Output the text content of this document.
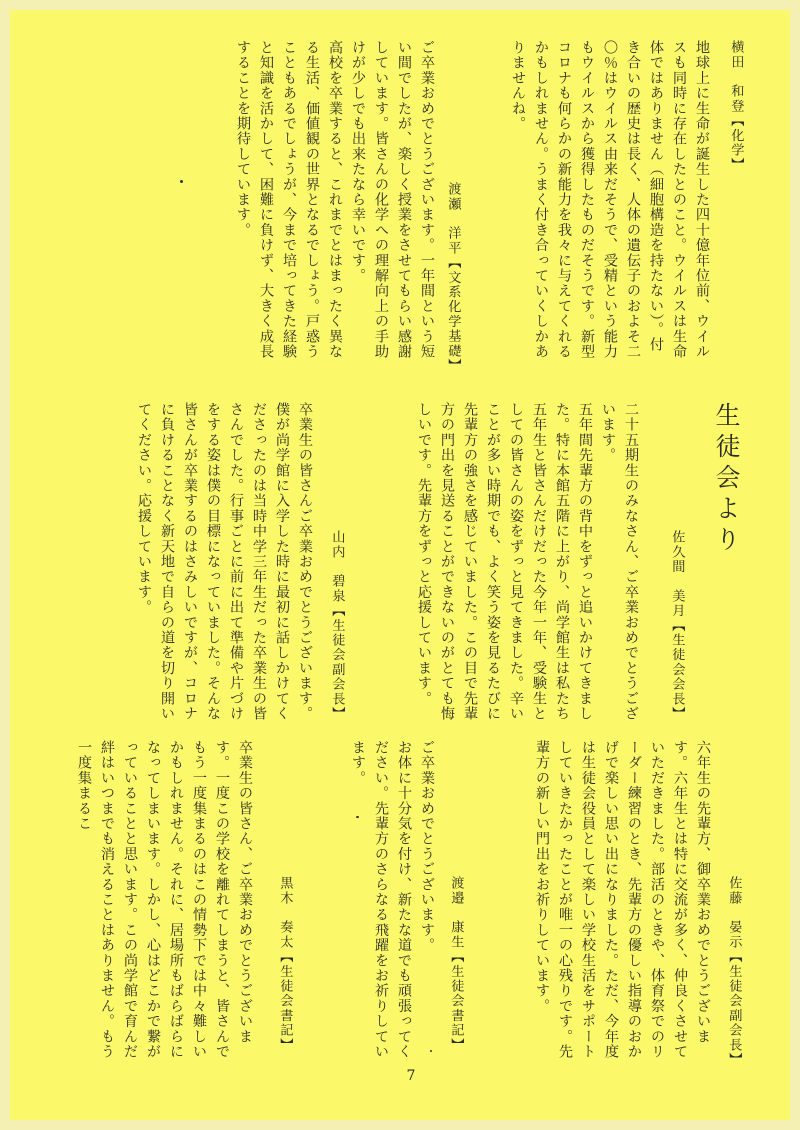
横田　和登【化学】
地球上に生命が誕生した四十億年位前、ウイルスも同時に存在したとのこと。ウイルスは生命体ではありません（細胞構造を持たない）。付き合いの歴史は長く、人体の遺伝子のおよそ二〇％はウイルス由来だそうで、受精という能力もウイルスから獲得したものだそうです。新型コロナも何らかの新能力を我々に与えてくれるかもしれません。うまく付き合っていくしかありませんね。
渡瀬　洋平【文系化学基礎】
ご卒業おめでとうございます。一年間という短い間でしたが、楽しく授業をさせてもらい感謝しています。皆さんの化学への理解向上の手助けが少しでも出来たなら幸いです。
高校を卒業すると、これまでとはまったく異なる生活、価値観の世界となるでしょう。戸惑うこともあるでしょうが、今まで培ってきた経験と知識を活かして、困難に負けず、大きく成長することを期待しています。
生徒会より
佐久間　美月【生徒会会長】
二十五期生のみなさん、ご卒業おめでとうございます。
五年間先輩方の背中をずっと追いかけてきました。特に本館五階に上がり、尚学館生は私たち五年生と皆さんだけだった今年一年、受験生としての皆さんの姿をずっと見てきました。辛いことが多い時期でも、よく笑う姿を見るたびに先輩方の強さを感じていました。この目で先輩方の門出を見送ることができないのがとても悔しいです。先輩方をずっと応援しています。
山内　碧泉【生徒会副会長】
卒業生の皆さんご卒業おめでとうございます。
僕が尚学館に入学した時に最初に話しかけてくださったのは当時中学三年生だった卒業生の皆さんでした。行事ごとに前に出て準備や片づけをする姿は僕の目標になっていました。そんな皆さんが卒業するのはさみしいですが、コロナに負けることなく新天地で自らの道を切り開いてください。応援しています。
佐藤　晏示【生徒会副会長】
六年生の先輩方、御卒業おめでとうございます。六年生とは特に交流が多く、仲良くさせていただきました。部活のときや、体育祭でのリーダー練習のとき、先輩方の優しい指導のおかげで楽しい思い出になりました。ただ、今年度は生徒会役員として楽しい学校生活をサポートしていきたかったことが唯一の心残りです。先輩方の新しい門出をお祈りしています。
渡邉　康生【生徒会書記】
ご卒業おめでとうございます。
お体に十分気を付け、新たな道でも頑張ってください。先輩方のさらなる飛躍をお祈りしています。
黒木　奏太【生徒会書記】
卒業生の皆さん、ご卒業おめでとうございます。一度この学校を離れてしまうと、皆さんでもう一度集まるのはこの情勢下では中々難しいかもしれません。それに、居場所もばらばらになってしまいます。しかし、心はどこかで繋がっていることと思います。この尚学館で育んだ絆はいつまでも消えることはありません。もう一度集まるこ
7
